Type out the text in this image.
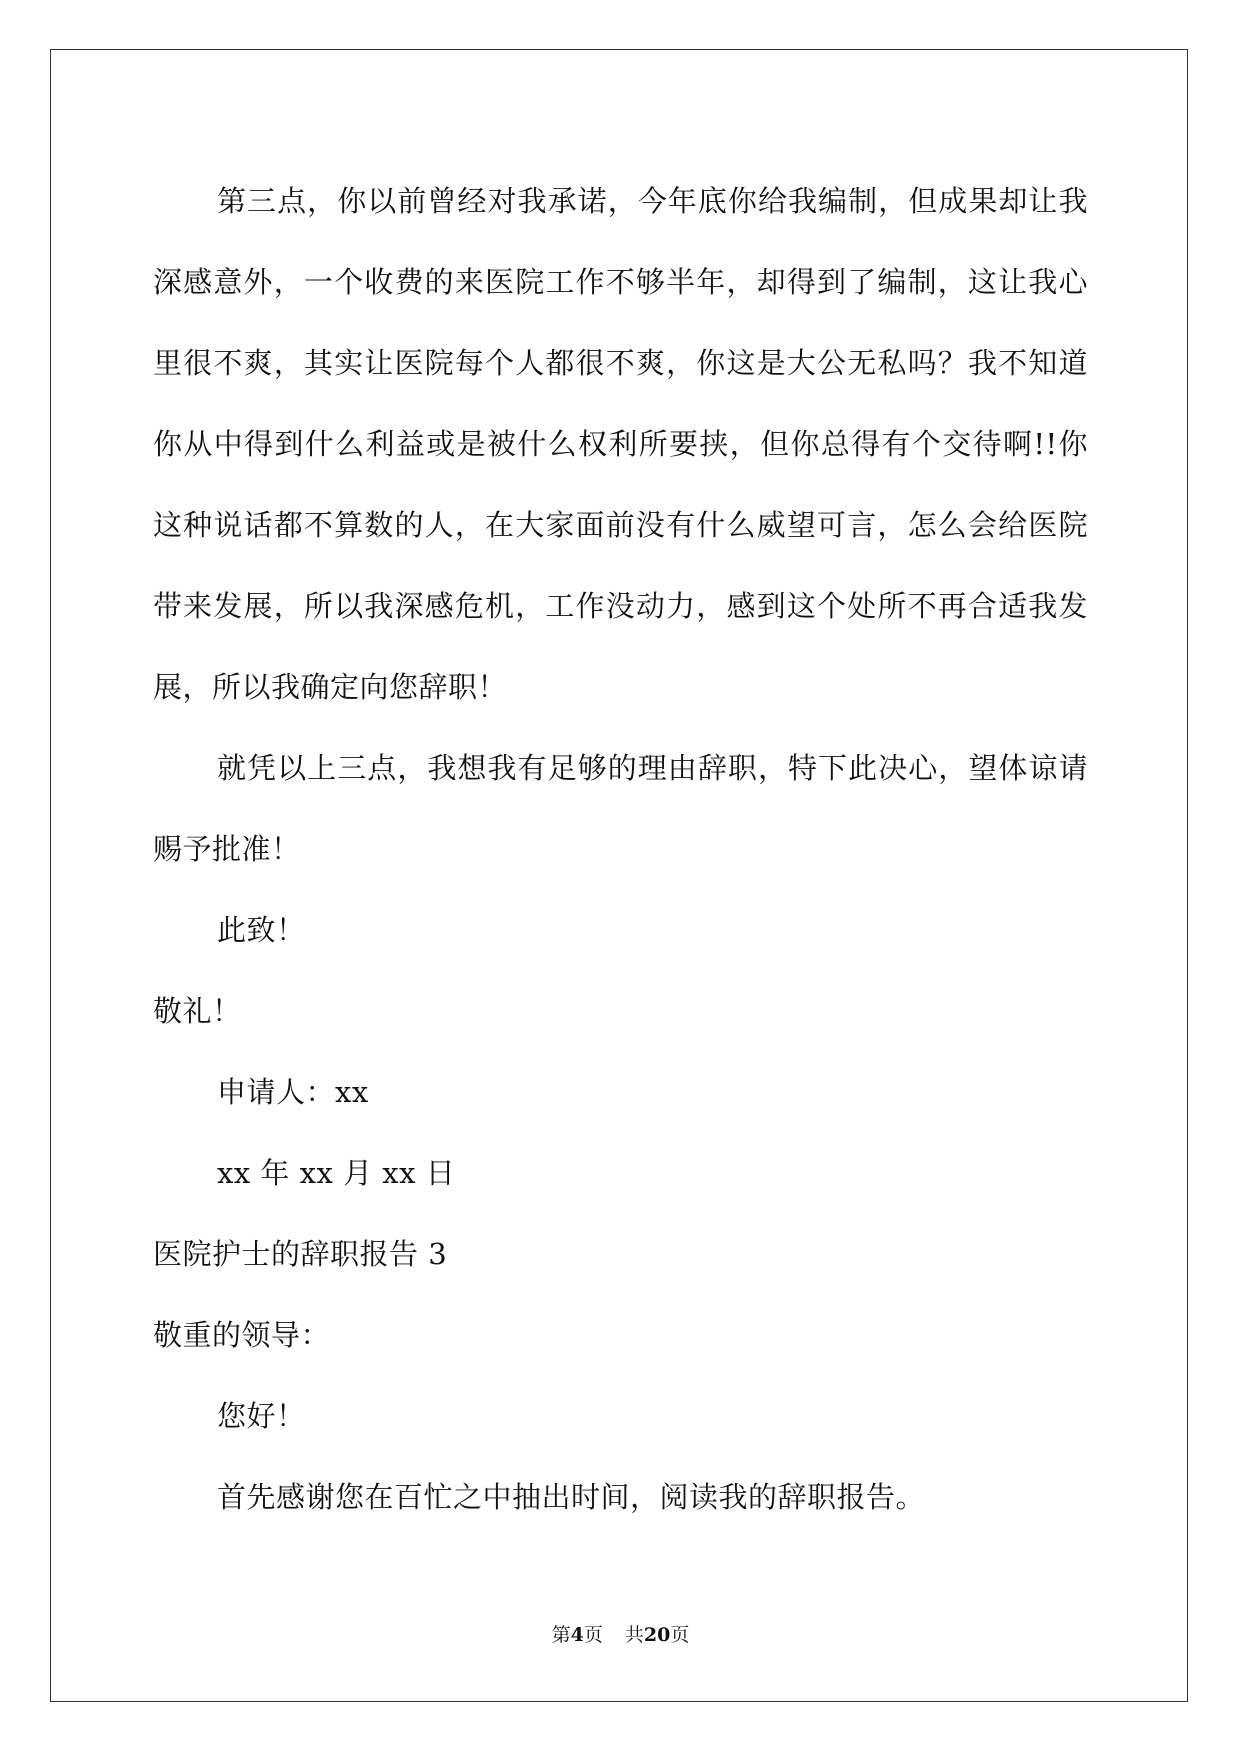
第三点，你以前曾经对我承诺，今年底你给我编制，但成果却让我深感意外，一个收费的来医院工作不够半年，却得到了编制，这让我心里很不爽，其实让医院每个人都很不爽，你这是大公无私吗？我不知道你从中得到什么利益或是被什么权利所要挟，但你总得有个交待啊!!你这种说话都不算数的人，在大家面前没有什么威望可言，怎么会给医院带来发展，所以我深感危机，工作没动力，感到这个处所不再合适我发展，所以我确定向您辞职！

就凭以上三点，我想我有足够的理由辞职，特下此决心，望体谅请赐予批准！

此致！

敬礼！

申请人：xx

xx 年 xx 月 xx 日

医院护士的辞职报告 3

敬重的领导：

您好！

首先感谢您在百忙之中抽出时间，阅读我的辞职报告。

第4页 共20页
